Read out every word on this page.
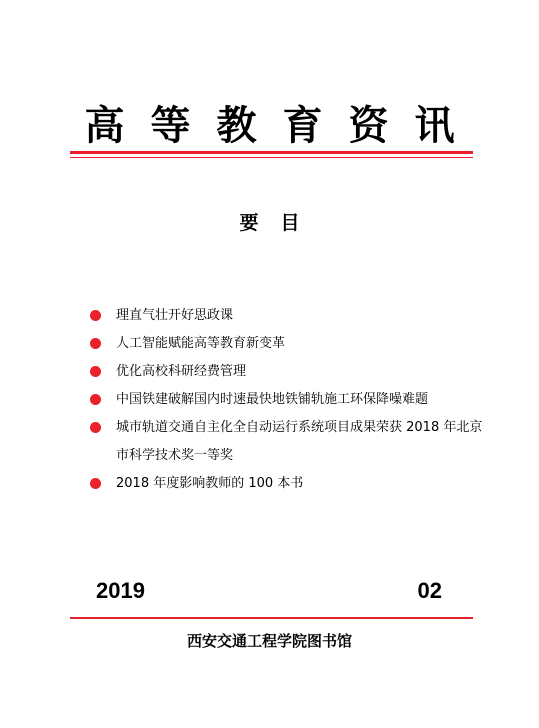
高等教育资讯
要目
理直气壮开好思政课
人工智能赋能高等教育新变革
优化高校科研经费管理
中国铁建破解国内时速最快地铁铺轨施工环保降噪难题
城市轨道交通自主化全自动运行系统项目成果荣获 2018 年北京市科学技术奖一等奖
2018 年度影响教师的 100 本书
2019	02
西安交通工程学院图书馆
